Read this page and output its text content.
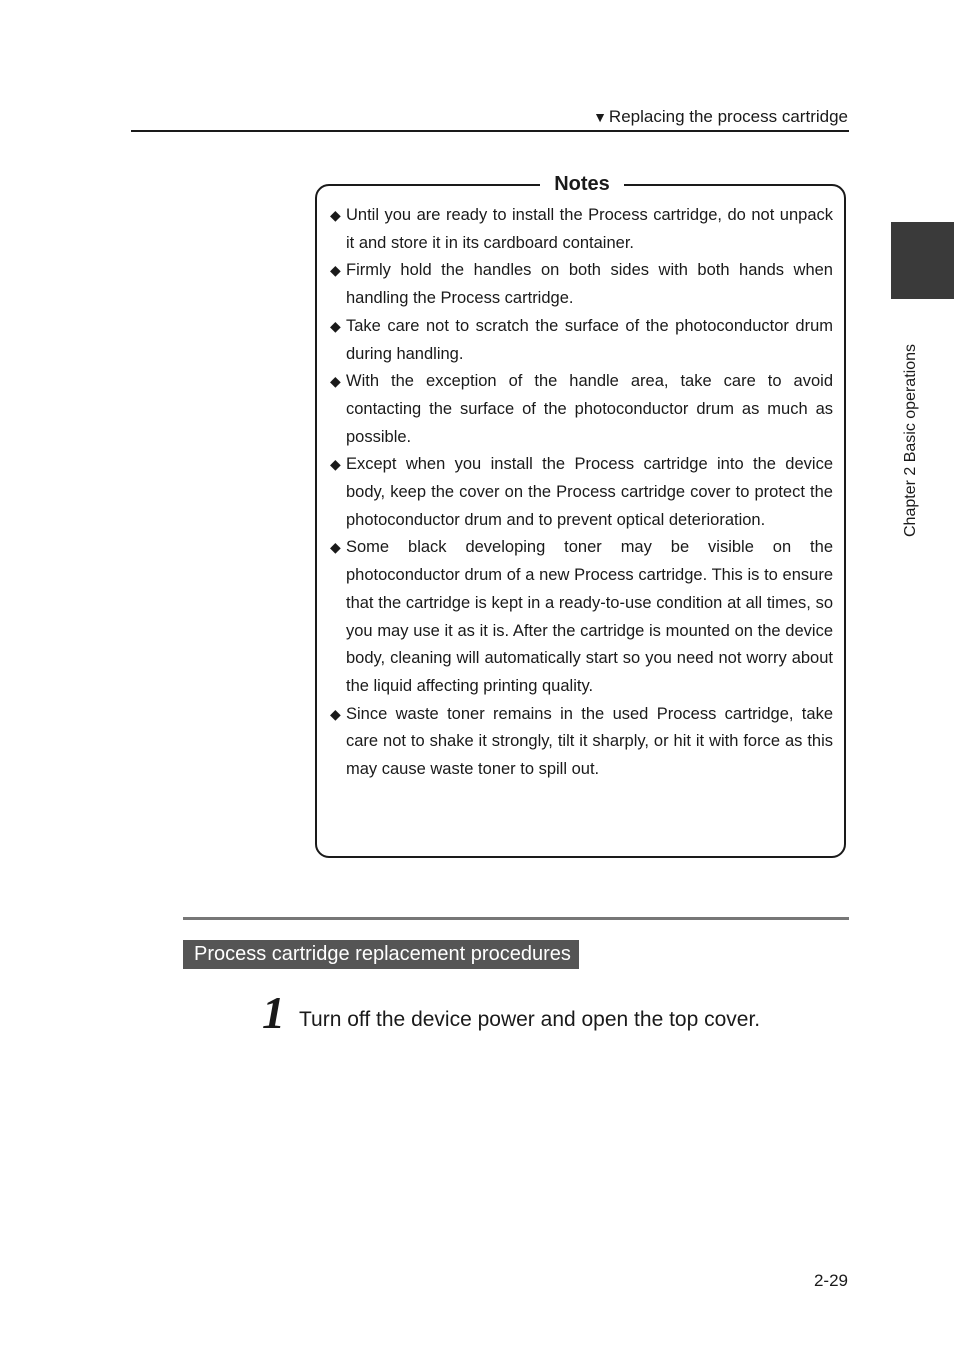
▼ Replacing the process cartridge
Chapter 2 Basic operations
Notes
◆ Until you are ready to install the Process cartridge, do not unpack it and store it in its cardboard container.
◆ Firmly hold the handles on both sides with both hands when handling the Process cartridge.
◆ Take care not to scratch the surface of the photoconductor drum during handling.
◆ With the exception of the handle area, take care to avoid contacting the surface of the photoconductor drum as much as possible.
◆ Except when you install the Process cartridge into the device body, keep the cover on the Process cartridge cover to protect the photoconductor drum and to prevent optical deterioration.
◆ Some black developing toner may be visible on the photoconductor drum of a new Process cartridge. This is to ensure that the cartridge is kept in a ready-to-use condition at all times, so you may use it as it is. After the cartridge is mounted on the device body, cleaning will automatically start so you need not worry about the liquid affecting printing quality.
◆ Since waste toner remains in the used Process cartridge, take care not to shake it strongly, tilt it sharply, or hit it with force as this may cause waste toner to spill out.
Process cartridge replacement procedures
1 Turn off the device power and open the top cover.
2-29
